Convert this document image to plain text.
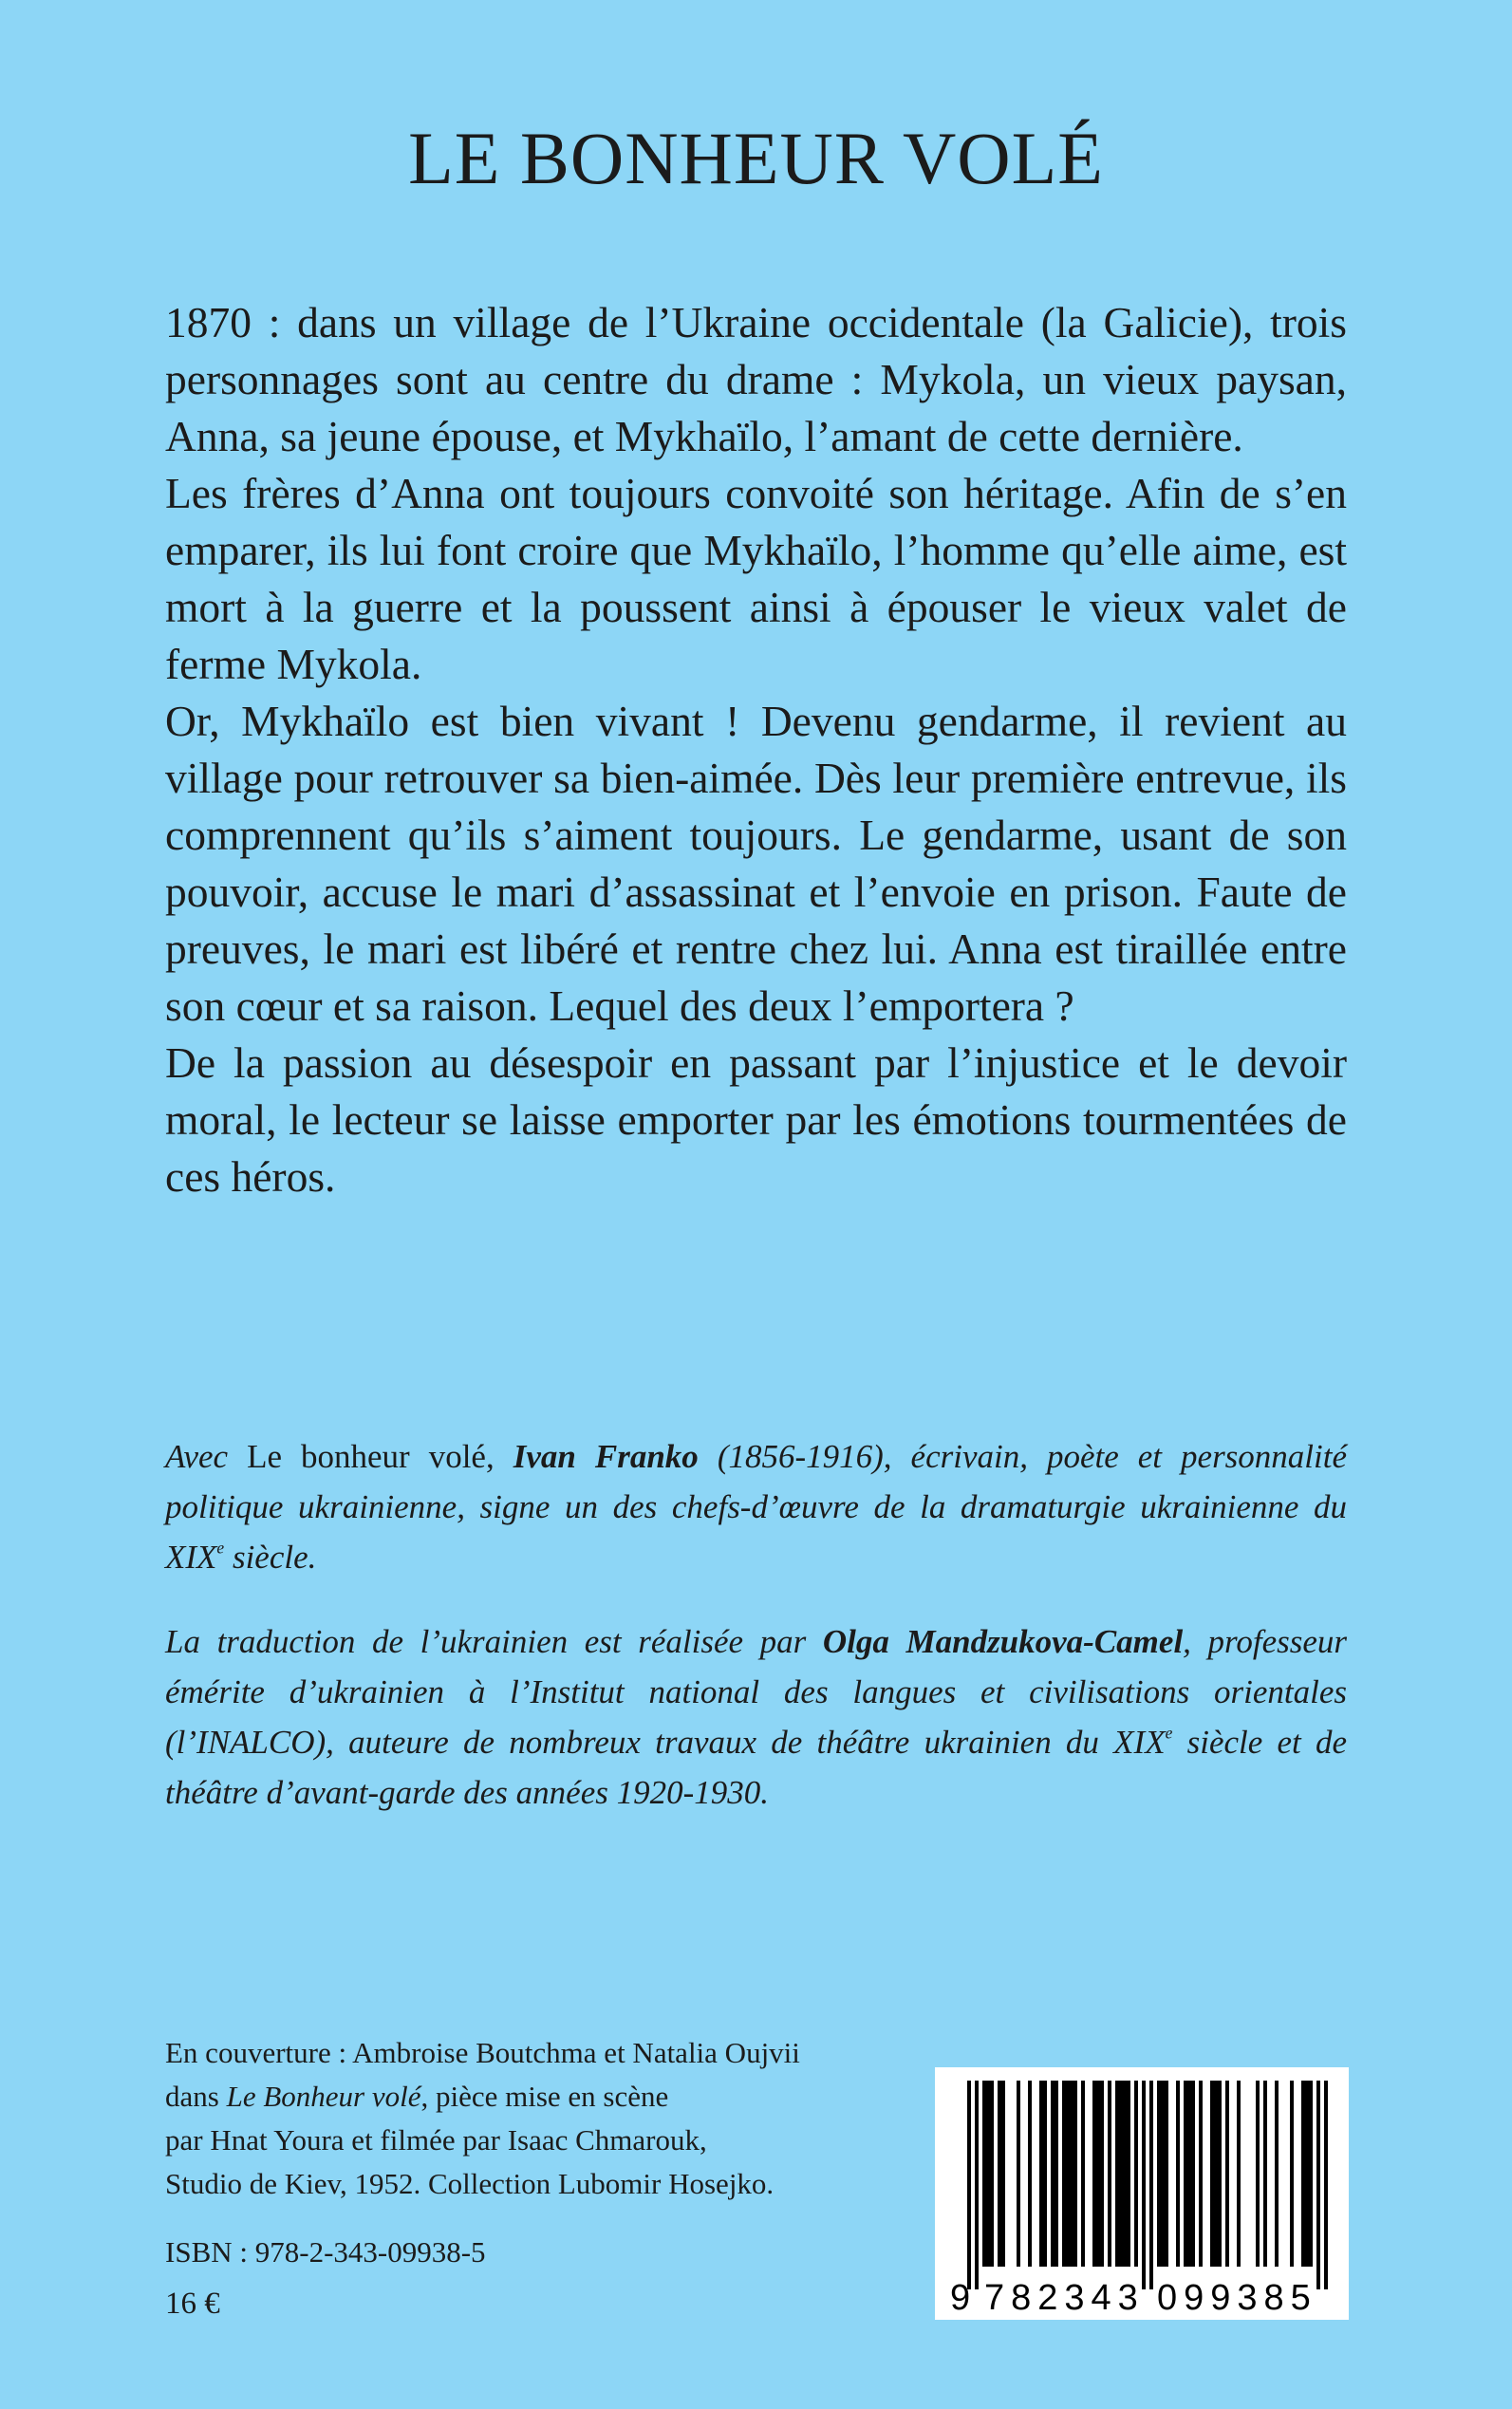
LE BONHEUR VOLÉ

1870 : dans un village de l’Ukraine occidentale (la Galicie), trois personnages sont au centre du drame : Mykola, un vieux paysan, Anna, sa jeune épouse, et Mykhaïlo, l’amant de cette dernière.

Les frères d’Anna ont toujours convoité son héritage. Afin de s’en emparer, ils lui font croire que Mykhaïlo, l’homme qu’elle aime, est mort à la guerre et la poussent ainsi à épouser le vieux valet de ferme Mykola.

Or, Mykhaïlo est bien vivant ! Devenu gendarme, il revient au village pour retrouver sa bien-aimée. Dès leur première entrevue, ils comprennent qu’ils s’aiment toujours. Le gendarme, usant de son pouvoir, accuse le mari d’assassinat et l’envoie en prison. Faute de preuves, le mari est libéré et rentre chez lui. Anna est tiraillée entre son cœur et sa raison. Lequel des deux l’emportera ?

De la passion au désespoir en passant par l’injustice et le devoir moral, le lecteur se laisse emporter par les émotions tourmentées de ces héros.

Avec Le bonheur volé, Ivan Franko (1856-1916), écrivain, poète et personnalité politique ukrainienne, signe un des chefs-d’œuvre de la dramaturgie ukrainienne du XIXe siècle.

La traduction de l’ukrainien est réalisée par Olga Mandzukova-Camel, professeur émérite d’ukrainien à l’Institut national des langues et civilisations orientales (l’INALCO), auteure de nombreux travaux de théâtre ukrainien du XIXe siècle et de théâtre d’avant-garde des années 1920-1930.

En couverture : Ambroise Boutchma et Natalia Oujvii

dans Le Bonheur volé, pièce mise en scène

par Hnat Youra et filmée par Isaac Chmarouk,

Studio de Kiev, 1952. Collection Lubomir Hosejko.

ISBN : 978-2-343-09938-5
16 €	9 782343 099385
